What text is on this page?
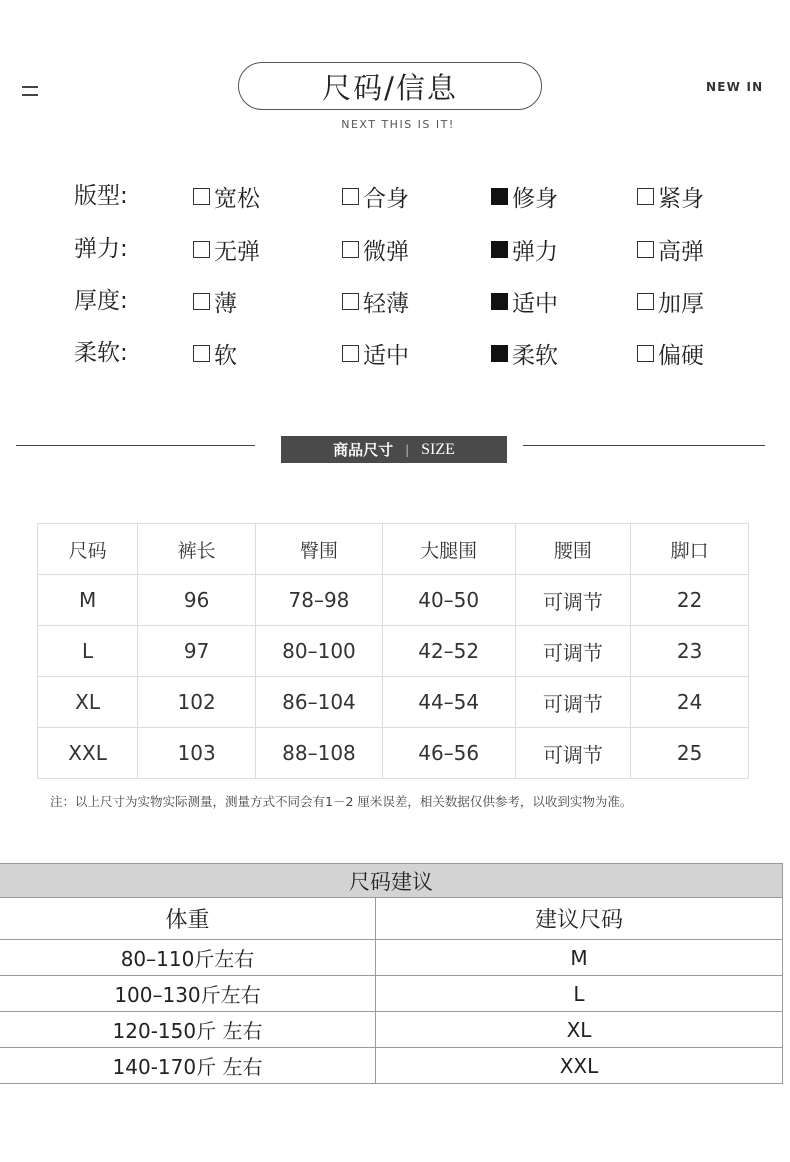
尺码/信息
NEXT THIS IS IT!
NEW IN
版型:	宽松	合身	修身	紧身
弹力:	无弹	微弹	弹力	高弹
厚度:	薄	轻薄	适中	加厚
柔软:	软	适中	柔软	偏硬
商品尺寸 | SIZE
尺码	裤长	臀围	大腿围	腰围	脚口
M	96	78–98	40–50	可调节	22
L	97	80–100	42–52	可调节	23
XL	102	86–104	44–54	可调节	24
XXL	103	88–108	46–56	可调节	25
注：以上尺寸为实物实际测量，测量方式不同会有1－2 厘米误差，相关数据仅供参考，以收到实物为准。
尺码建议	
体重	建议尺码
80–110斤左右	M
100–130斤左右	L
120-150斤 左右	XL
140-170斤 左右	XXL
